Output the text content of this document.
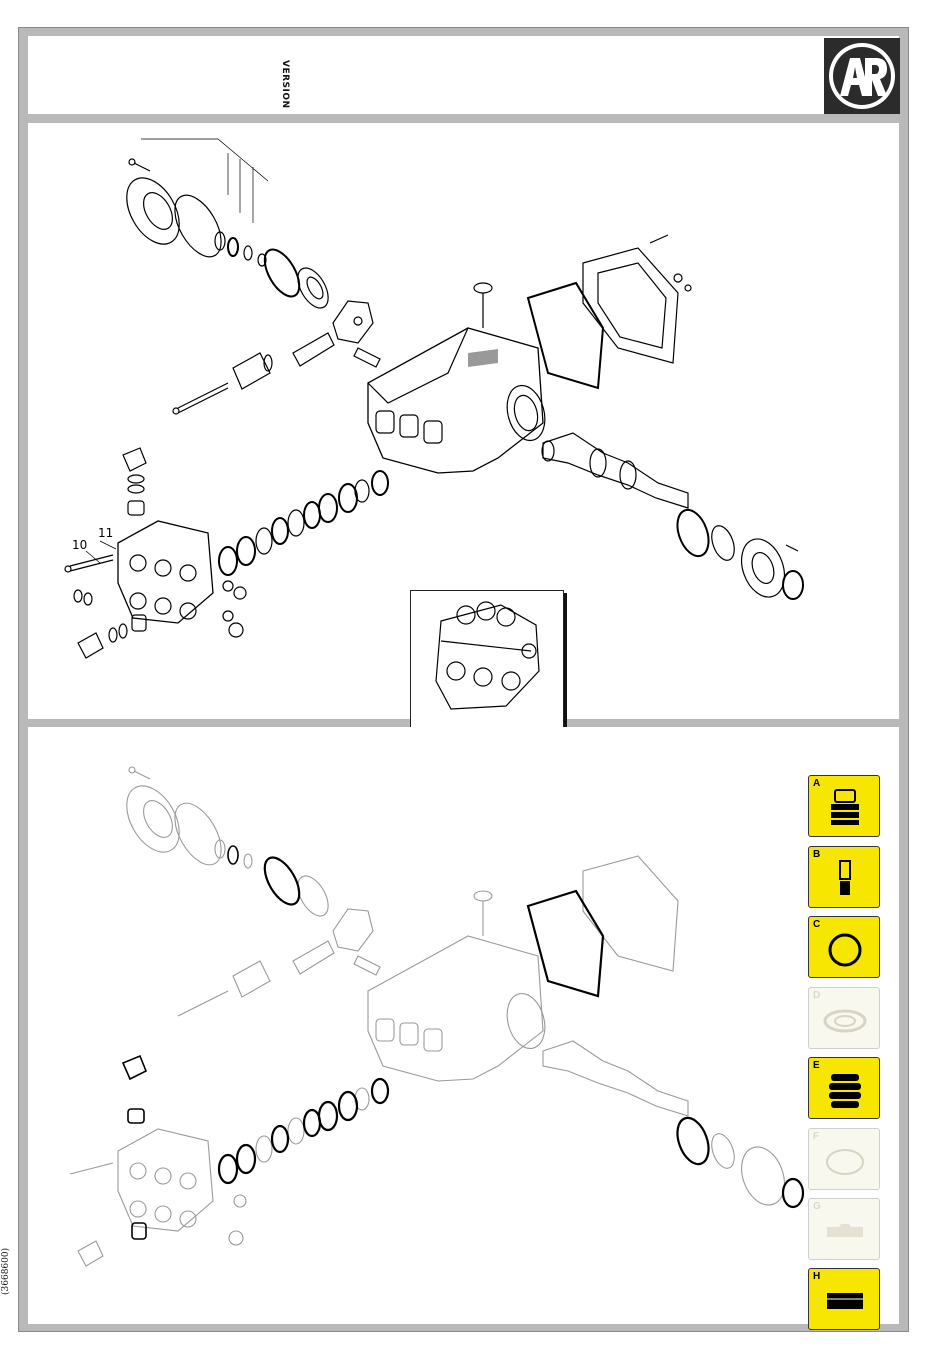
VERSION
10
11
A
B
C
D
E
F
G
H
(3668600)
